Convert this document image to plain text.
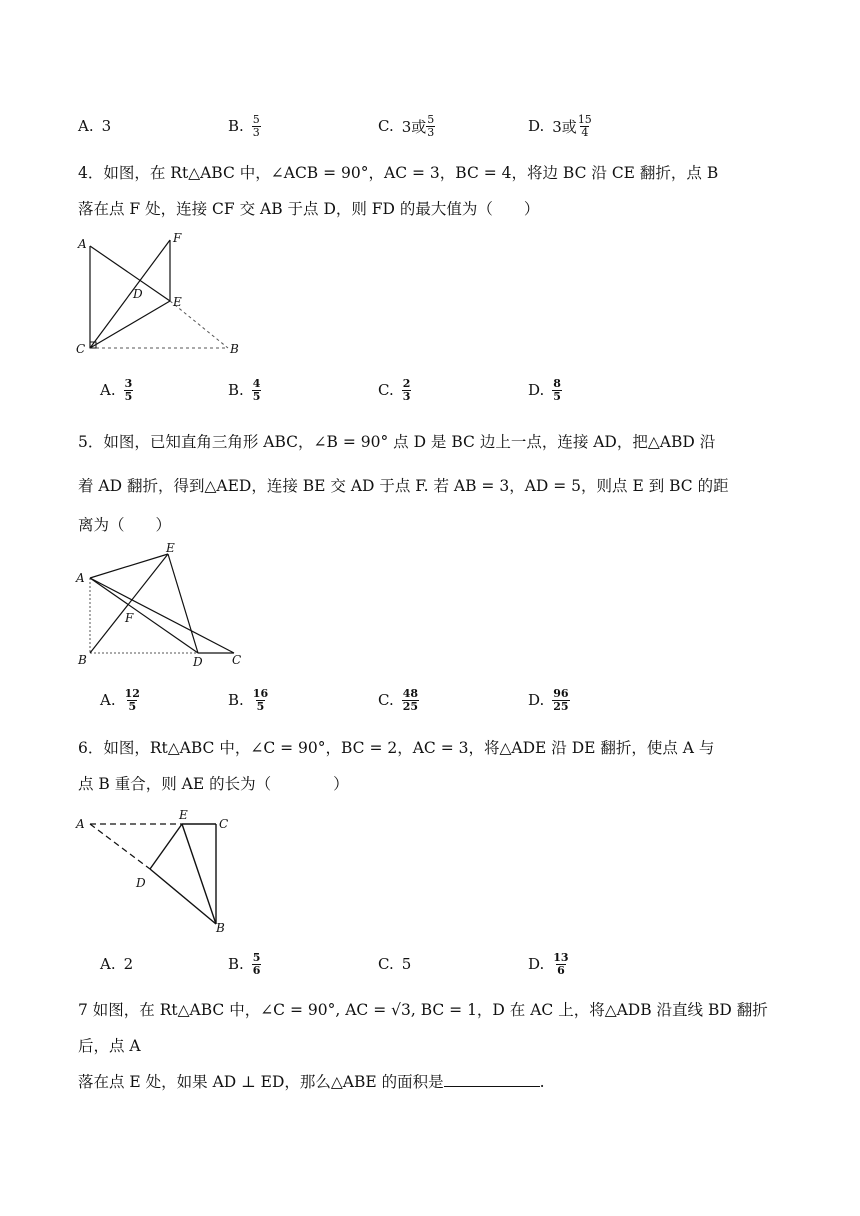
A. 3	B. $\frac{5}{3}$	C. 3或 $\frac{5}{3}$	D. 3或 $\frac{15}{4}$
4．如图，在 Rt△ABC 中，∠ACB = 90°，AC = 3，BC = 4，将边 BC 沿 CE 翻折，点 B
落在点 F 处，连接 CF 交 AB 于点 D，则 FD 的最大值为（　　）
A	F
D
E
C	B
A. $\frac{3}{5}$	B. $\frac{4}{5}$	C. $\frac{2}{3}$	D. $\frac{8}{5}$
5．如图，已知直角三角形 ABC，∠B = 90° 点 D 是 BC 边上一点，连接 AD，把△ABD 沿
着 AD 翻折，得到△AED，连接 BE 交 AD 于点 F. 若 AB = 3，AD = 5，则点 E 到 BC 的距
离为（　　）
A
E
F
B	D C
A. $\frac{12}{5}$	B. $\frac{16}{5}$	C. $\frac{48}{25}$	D. $\frac{96}{25}$
6．如图，Rt△ABC 中，∠C = 90°，BC = 2，AC = 3，将△ADE 沿 DE 翻折，使点 A 与
点 B 重合，则 AE 的长为（　　　　）
A
E
C
D
B
A. 2	B. $\frac{5}{6}$	C. 5	D. $\frac{13}{6}$
7 如图，在 Rt△ABC 中，∠C = 90°, AC = √3, BC = 1，D 在 AC 上，将△ADB 沿直线 BD 翻折后，点 A
落在点 E 处，如果 AD ⊥ ED，那么△ABE 的面积是	.
